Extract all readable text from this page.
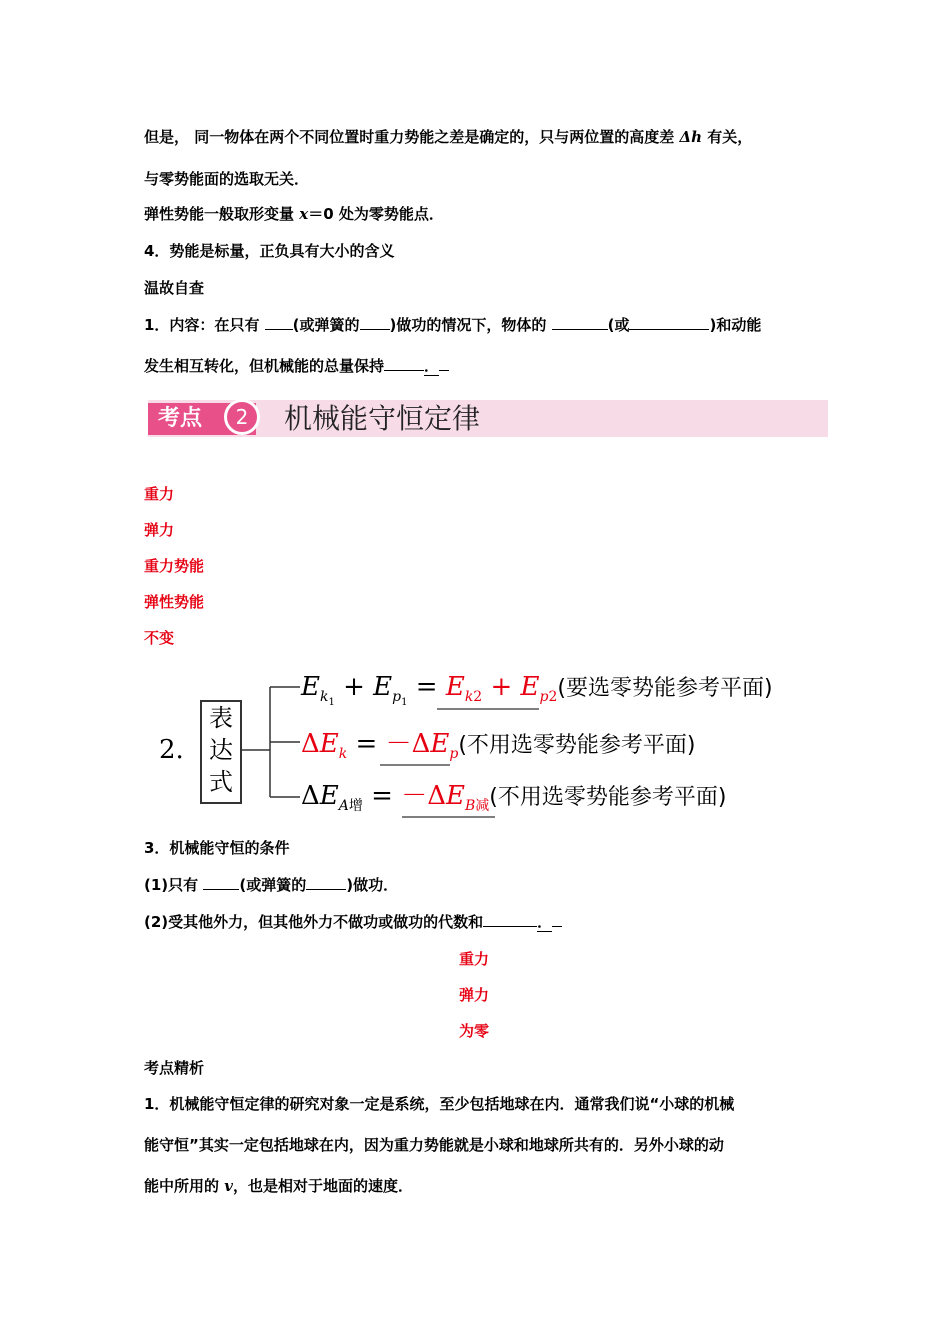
但是， 同一物体在两个不同位置时重力势能之差是确定的，只与两位置的高度差 Δh 有关，
与零势能面的选取无关．
弹性势能一般取形变量 x＝0 处为零势能点．
4．势能是标量，正负具有大小的含义
温故自查
1．内容：在只有 (或弹簧的 )做功的情况下，物体的	(或	)和动能
发生相互转化，但机械能的总量保持	．
考点	2	机械能守恒定律
重力
弹力
重力势能
弹性势能
不变
2.
表
达
式
$E_{k_1} + E_{p_1} = E_{k2} + E_{p2}$(要选零势能参考平面)
$\Delta E_k = -\Delta E_p$(不用选零势能参考平面)
$\Delta E_{A增} = -\Delta E_{B减}$(不用选零势能参考平面)
3．机械能守恒的条件
(1)只有 (或弹簧的	)做功．
(2)受其他外力，但其他外力不做功或做功的代数和	．
重力
弹力
为零
考点精析
1．机械能守恒定律的研究对象一定是系统，至少包括地球在内．通常我们说“小球的机械
能守恒”其实一定包括地球在内，因为重力势能就是小球和地球所共有的．另外小球的动
能中所用的 v，也是相对于地面的速度．
